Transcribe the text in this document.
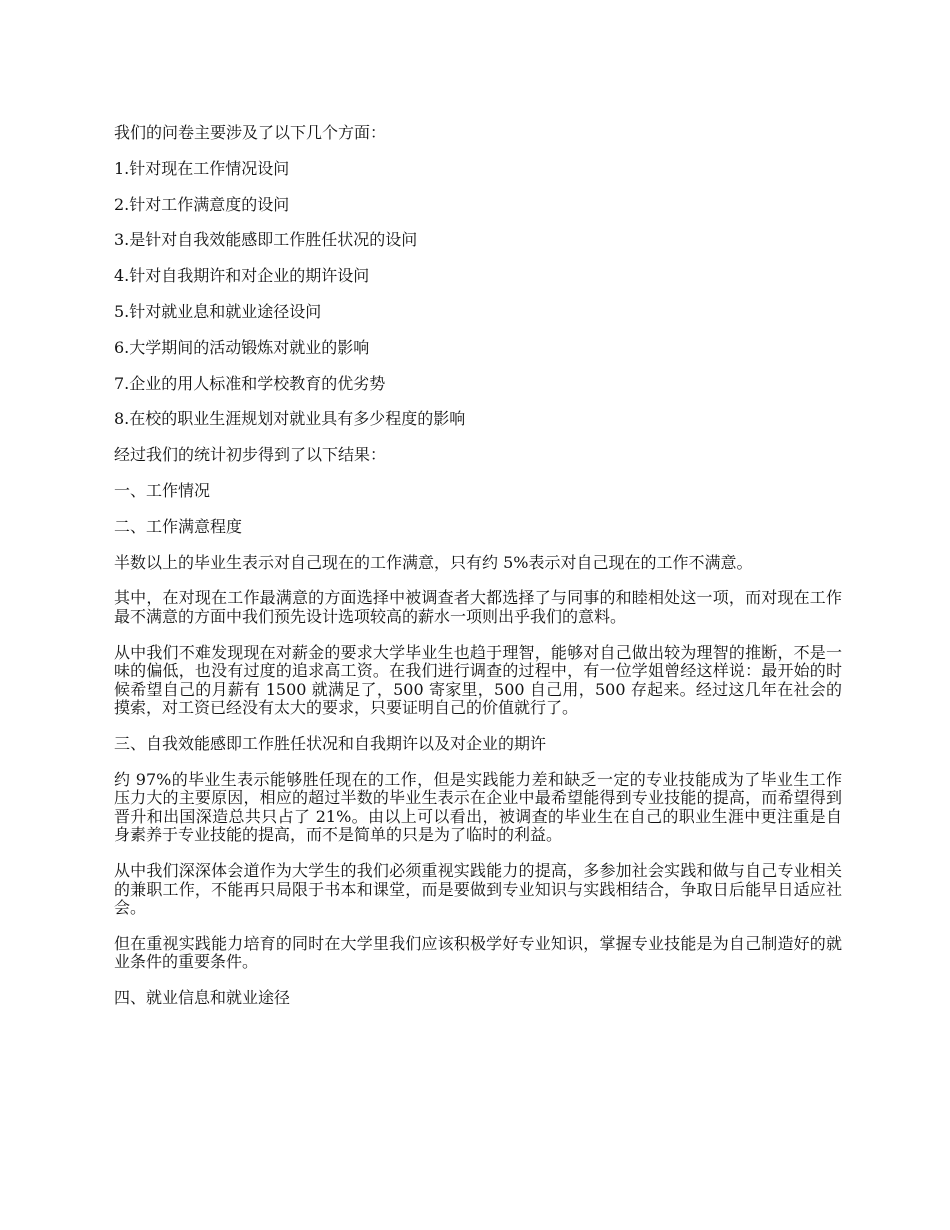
我们的问卷主要涉及了以下几个方面：

1.针对现在工作情况设问

2.针对工作满意度的设问

3.是针对自我效能感即工作胜任状况的设问

4.针对自我期许和对企业的期许设问

5.针对就业息和就业途径设问

6.大学期间的活动锻炼对就业的影响

7.企业的用人标准和学校教育的优劣势

8.在校的职业生涯规划对就业具有多少程度的影响

经过我们的统计初步得到了以下结果：

一、工作情况

二、工作满意程度

半数以上的毕业生表示对自己现在的工作满意，只有约 5%表示对自己现在的工作不满意。

其中，在对现在工作最满意的方面选择中被调查者大都选择了与同事的和睦相处这一项，而对现在工作最不满意的方面中我们预先设计选项较高的薪水一项则出乎我们的意料。

从中我们不难发现现在对薪金的要求大学毕业生也趋于理智，能够对自己做出较为理智的推断，不是一味的偏低，也没有过度的追求高工资。在我们进行调查的过程中，有一位学姐曾经这样说：最开始的时候希望自己的月薪有 1500 就满足了，500 寄家里，500 自己用，500 存起来。经过这几年在社会的摸索，对工资已经没有太大的要求，只要证明自己的价值就行了。

三、自我效能感即工作胜任状况和自我期许以及对企业的期许

约 97%的毕业生表示能够胜任现在的工作，但是实践能力差和缺乏一定的专业技能成为了毕业生工作压力大的主要原因，相应的超过半数的毕业生表示在企业中最希望能得到专业技能的提高，而希望得到晋升和出国深造总共只占了 21%。由以上可以看出，被调查的毕业生在自己的职业生涯中更注重是自身素养于专业技能的提高，而不是简单的只是为了临时的利益。

从中我们深深体会道作为大学生的我们必须重视实践能力的提高，多参加社会实践和做与自己专业相关的兼职工作，不能再只局限于书本和课堂，而是要做到专业知识与实践相结合，争取日后能早日适应社会。

但在重视实践能力培育的同时在大学里我们应该积极学好专业知识，掌握专业技能是为自己制造好的就业条件的重要条件。

四、就业信息和就业途径
